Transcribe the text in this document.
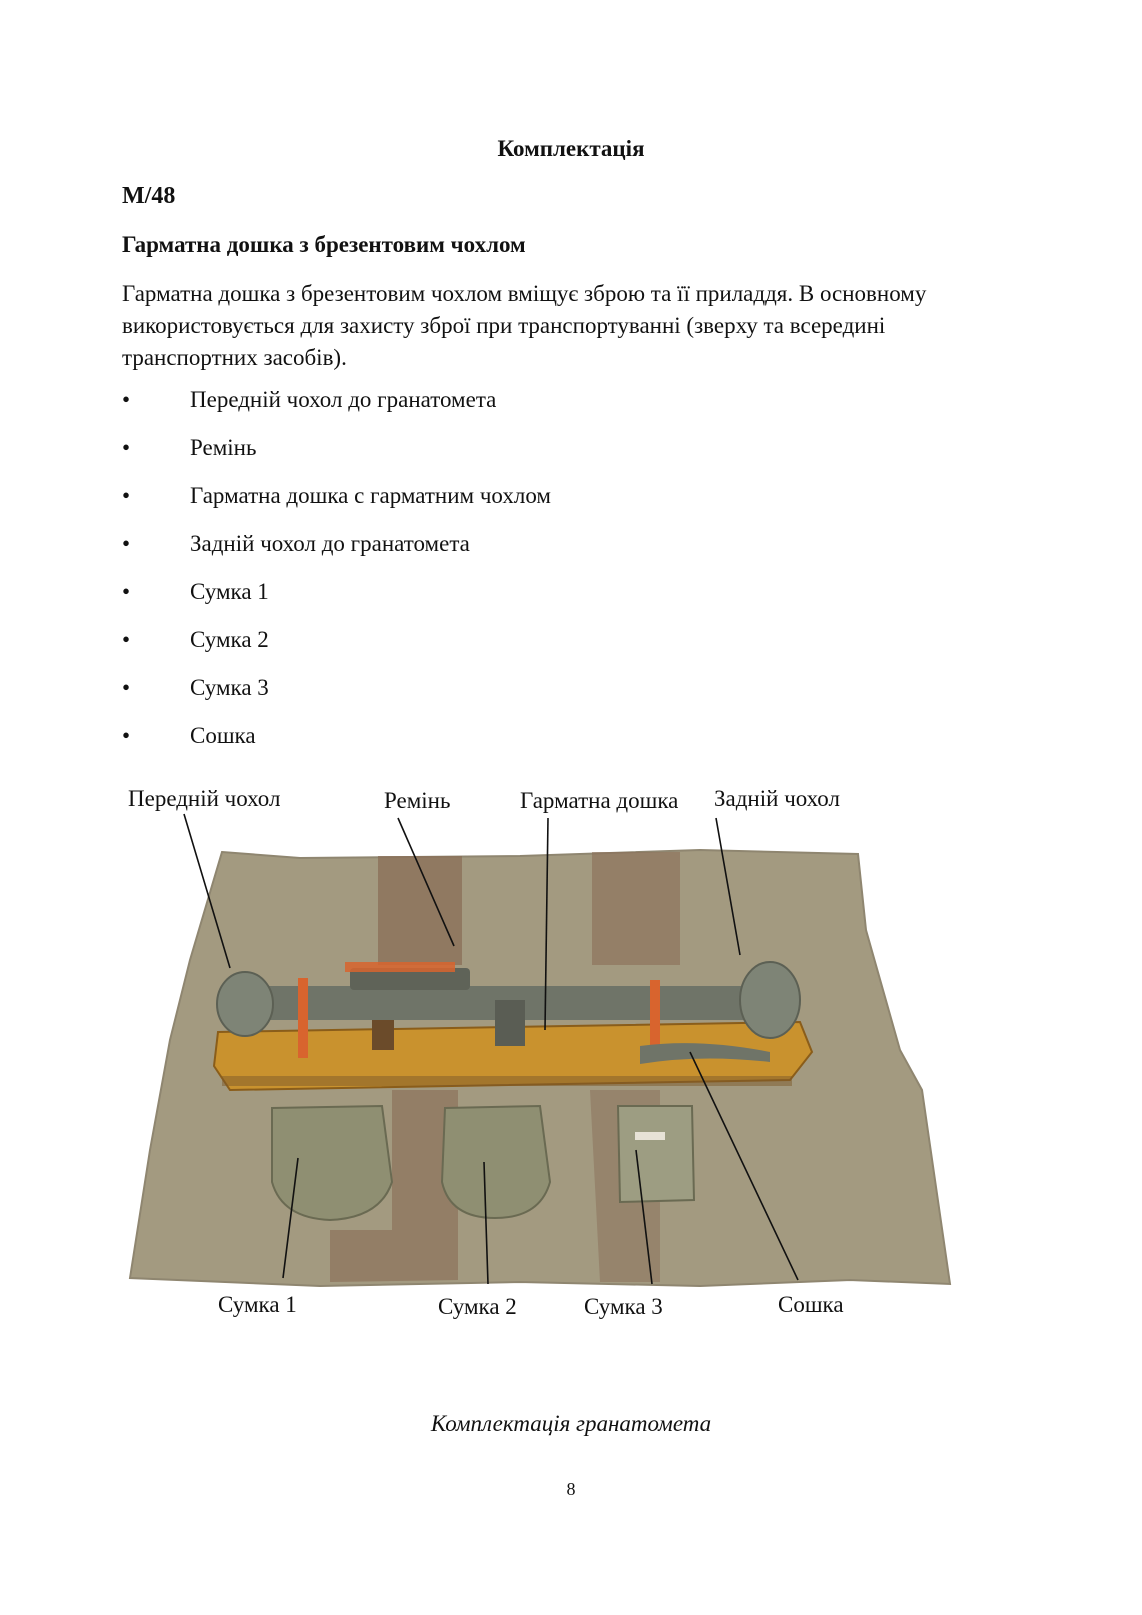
Комплектація
М/48
Гарматна дошка з брезентовим чохлом
Гарматна дошка з брезентовим чохлом вміщує зброю та її приладдя. В основному використовується для захисту зброї при транспортуванні (зверху та всередині транспортних засобів).
•	Передній чохол до гранатомета
•	Ремінь
•	Гарматна дошка с гарматним чохлом
•	Задній чохол до гранатомета
•	Сумка 1
•	Сумка 2
•	Сумка 3
•	Сошка
Передній чохол	Ремінь	Гарматна дошка Задній чохол
Сумка 1	Сумка 2	Сумка 3	Сошка
Комплектація гранатомета
8
